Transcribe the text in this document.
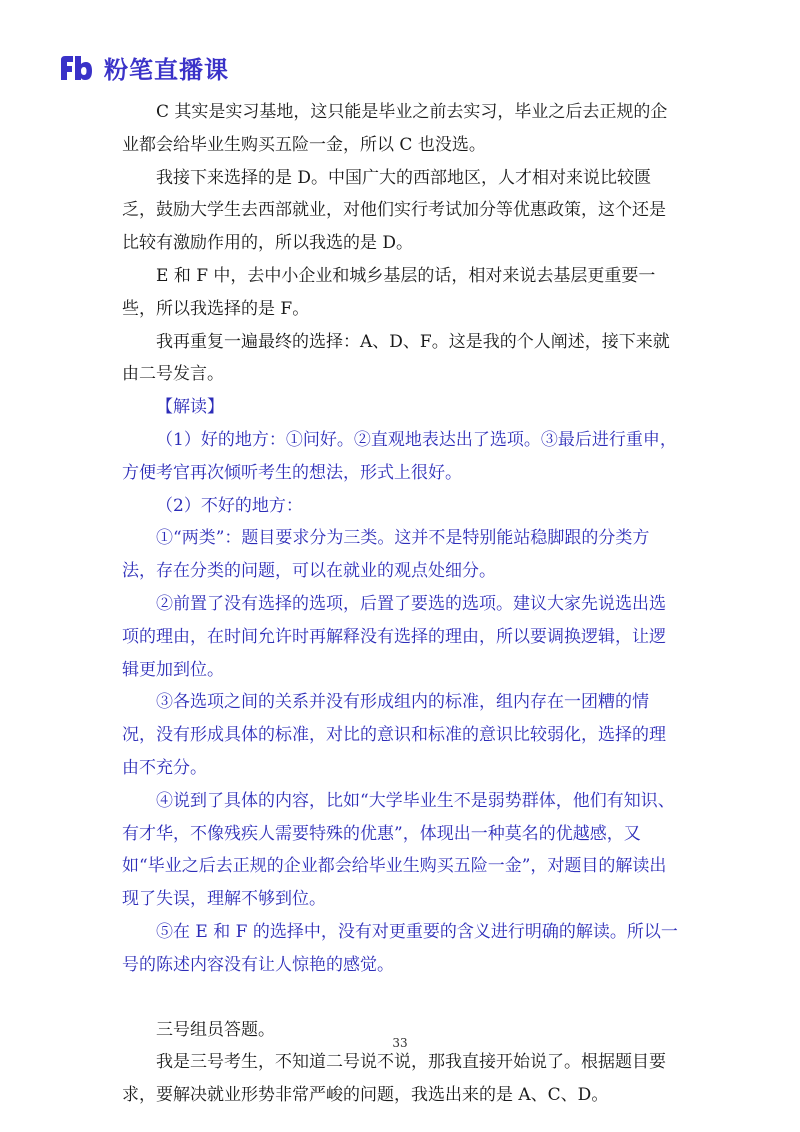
粉笔直播课

C 其实是实习基地，这只能是毕业之前去实习，毕业之后去正规的企业都会给毕业生购买五险一金，所以 C 也没选。

我接下来选择的是 D。中国广大的西部地区，人才相对来说比较匮乏，鼓励大学生去西部就业，对他们实行考试加分等优惠政策，这个还是比较有激励作用的，所以我选的是 D。

E 和 F 中，去中小企业和城乡基层的话，相对来说去基层更重要一些，所以我选择的是 F。

我再重复一遍最终的选择：A、D、F。这是我的个人阐述，接下来就由二号发言。

【解读】

（1）好的地方：①问好。②直观地表达出了选项。③最后进行重申，方便考官再次倾听考生的想法，形式上很好。

（2）不好的地方：

①“两类”：题目要求分为三类。这并不是特别能站稳脚跟的分类方法，存在分类的问题，可以在就业的观点处细分。

②前置了没有选择的选项，后置了要选的选项。建议大家先说选出选项的理由，在时间允许时再解释没有选择的理由，所以要调换逻辑，让逻辑更加到位。

③各选项之间的关系并没有形成组内的标准，组内存在一团糟的情况，没有形成具体的标准，对比的意识和标准的意识比较弱化，选择的理由不充分。

④说到了具体的内容，比如“大学毕业生不是弱势群体，他们有知识、有才华，不像残疾人需要特殊的优惠”，体现出一种莫名的优越感，又如“毕业之后去正规的企业都会给毕业生购买五险一金”，对题目的解读出现了失误，理解不够到位。

⑤在 E 和 F 的选择中，没有对更重要的含义进行明确的解读。所以一号的陈述内容没有让人惊艳的感觉。

三号组员答题。

我是三号考生，不知道二号说不说，那我直接开始说了。根据题目要求，要解决就业形势非常严峻的问题，我选出来的是 A、C、D。

33
